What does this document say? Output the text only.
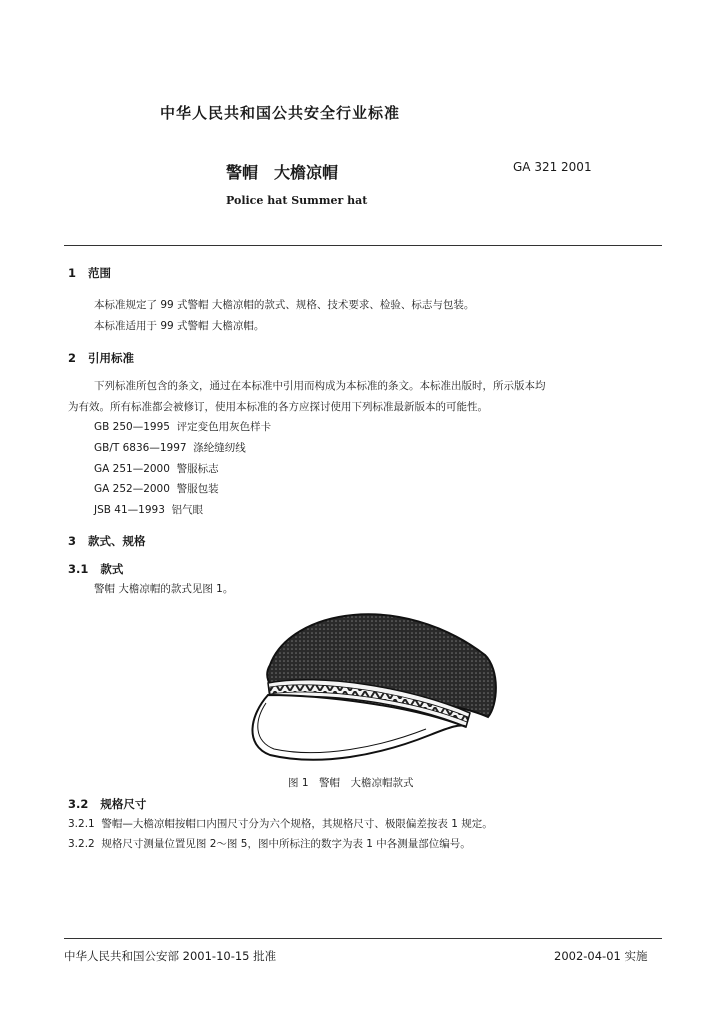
中华人民共和国公共安全行业标准
警帽　大檐凉帽	GA 321 2001
Police hat Summer hat
1 范围
本标准规定了 99 式警帽 大檐凉帽的款式、规格、技术要求、检验、标志与包装。
本标准适用于 99 式警帽 大檐凉帽。
2 引用标准
下列标准所包含的条文，通过在本标准中引用而构成为本标准的条文。本标准出版时，所示版本均
为有效。所有标准都会被修订，使用本标准的各方应探讨使用下列标准最新版本的可能性。
GB 250—1995 评定变色用灰色样卡
GB/T 6836—1997 涤纶缝纫线
GA 251—2000 警服标志
GA 252—2000 警服包装
JSB 41—1993 铝气眼
3 款式、规格
3.1 款式
警帽 大檐凉帽的款式见图 1。
图 1　警帽　大檐凉帽款式
3.2 规格尺寸
3.2.1 警帽—大檐凉帽按帽口内围尺寸分为六个规格，其规格尺寸、极限偏差按表 1 规定。
3.2.2 规格尺寸测量位置见图 2～图 5，图中所标注的数字为表 1 中各测量部位编号。
中华人民共和国公安部 2001-10-15 批准	2002-04-01 实施
